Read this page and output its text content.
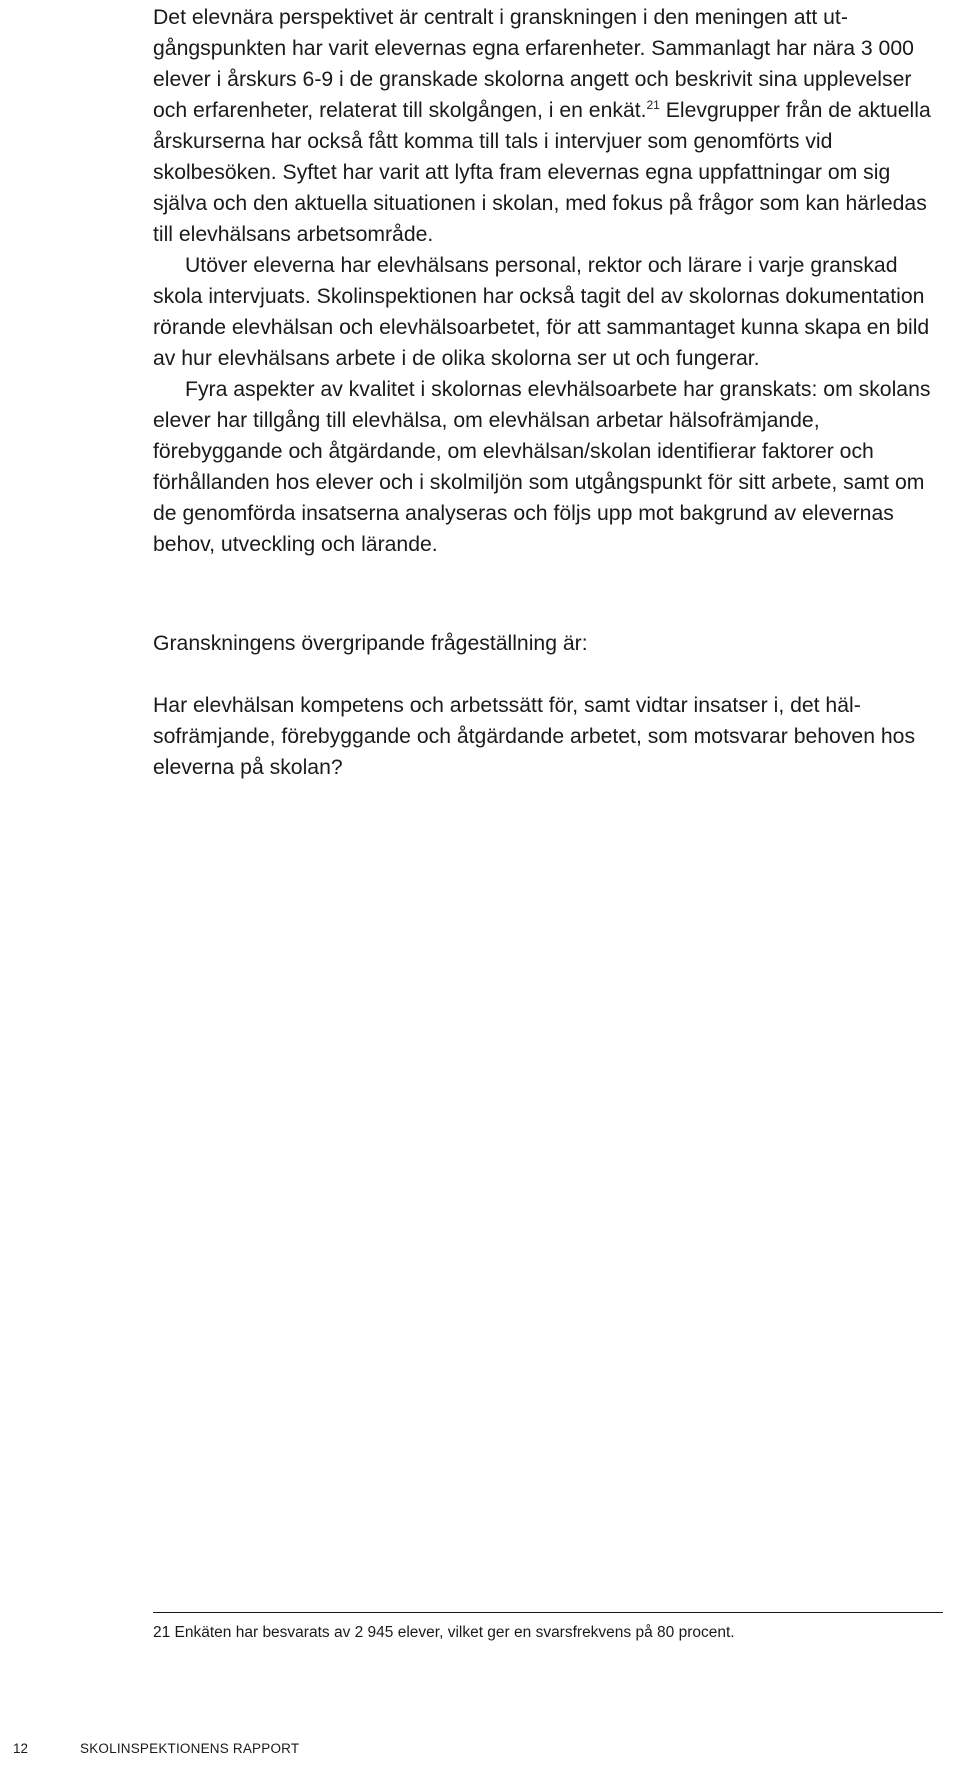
Det elevnära perspektivet är centralt i granskningen i den meningen att utgångspunkten har varit elevernas egna erfarenheter. Sammanlagt har nära 3 000 elever i årskurs 6-9 i de granskade skolorna angett och beskrivit sina upplevelser och erfarenheter, relaterat till skolgången, i en enkät.$^{21}$ Elevgrupper från de aktuella årskurserna har också fått komma till tals i intervjuer som genomförts vid skolbesöken. Syftet har varit att lyfta fram elevernas egna uppfattningar om sig själva och den aktuella situationen i skolan, med fokus på frågor som kan härledas till elevhälsans arbetsområde.

Utöver eleverna har elevhälsans personal, rektor och lärare i varje granskad skola intervjuats. Skolinspektionen har också tagit del av skolornas dokumentation rörande elevhälsan och elevhälsoarbetet, för att sammantaget kunna skapa en bild av hur elevhälsans arbete i de olika skolorna ser ut och fungerar.

Fyra aspekter av kvalitet i skolornas elevhälsoarbete har granskats: om skolans elever har tillgång till elevhälsa, om elevhälsan arbetar hälsofrämjande, förebyggande och åtgärdande, om elevhälsan/skolan identifierar faktorer och förhållanden hos elever och i skolmiljön som utgångspunkt för sitt arbete, samt om de genomförda insatserna analyseras och följs upp mot bakgrund av elevernas behov, utveckling och lärande.

Granskningens övergripande frågeställning är:

Har elevhälsan kompetens och arbetssätt för, samt vidtar insatser i, det hälsofrämjande, förebyggande och åtgärdande arbetet, som motsvarar behoven hos eleverna på skolan?

21 Enkäten har besvarats av 2 945 elever, vilket ger en svarsfrekvens på 80 procent.

12	SKOLINSPEKTIONENS RAPPORT
